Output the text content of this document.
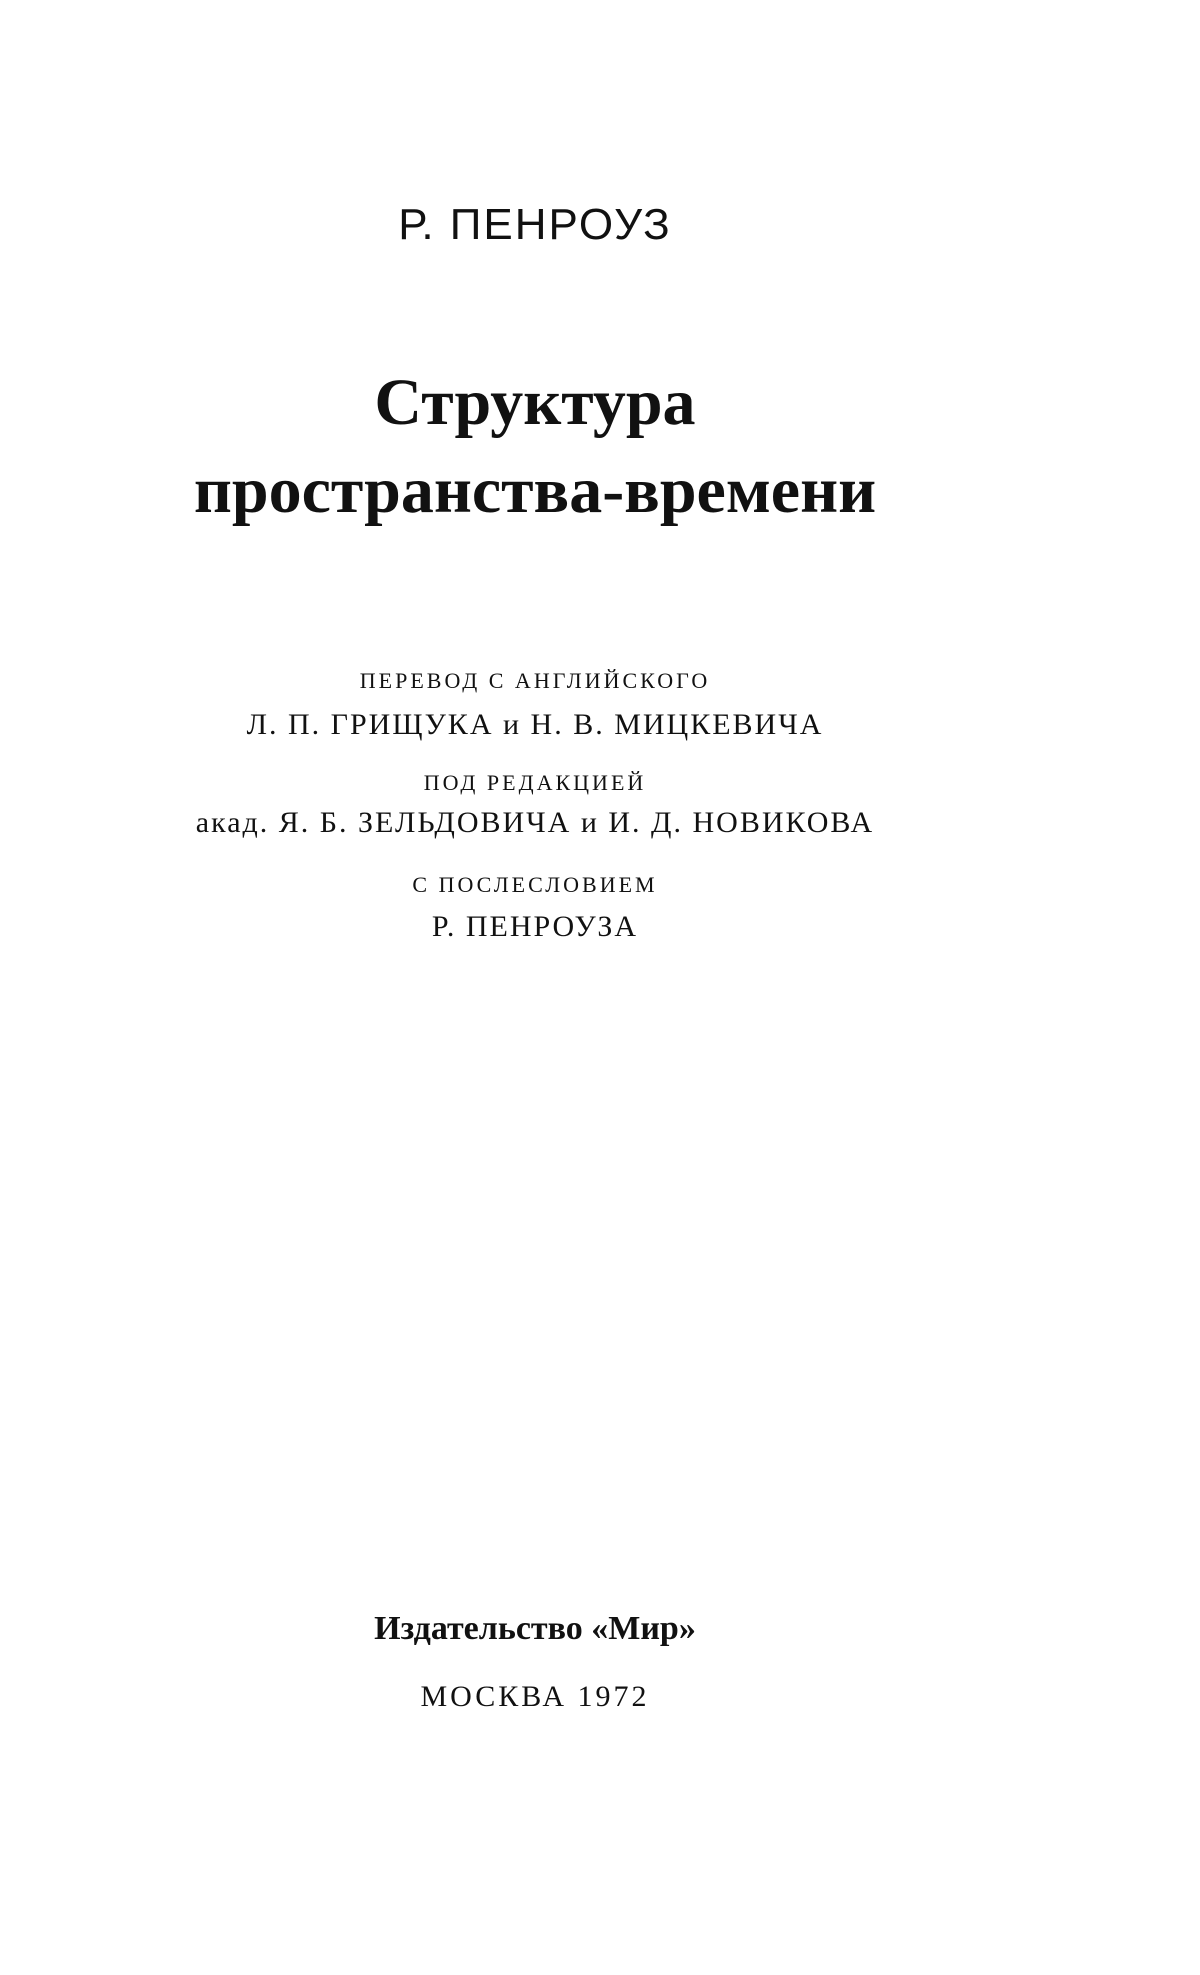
Р. ПЕНРОУЗ
Структура
пространства-времени
ПЕРЕВОД С АНГЛИЙСКОГО
Л. П. ГРИЩУКА и Н. В. МИЦКЕВИЧА
ПОД РЕДАКЦИЕЙ
акад. Я. Б. ЗЕЛЬДОВИЧА и И. Д. НОВИКОВА
С ПОСЛЕСЛОВИЕМ
Р. ПЕНРОУЗА
Издательство «Мир»
МОСКВА 1972
